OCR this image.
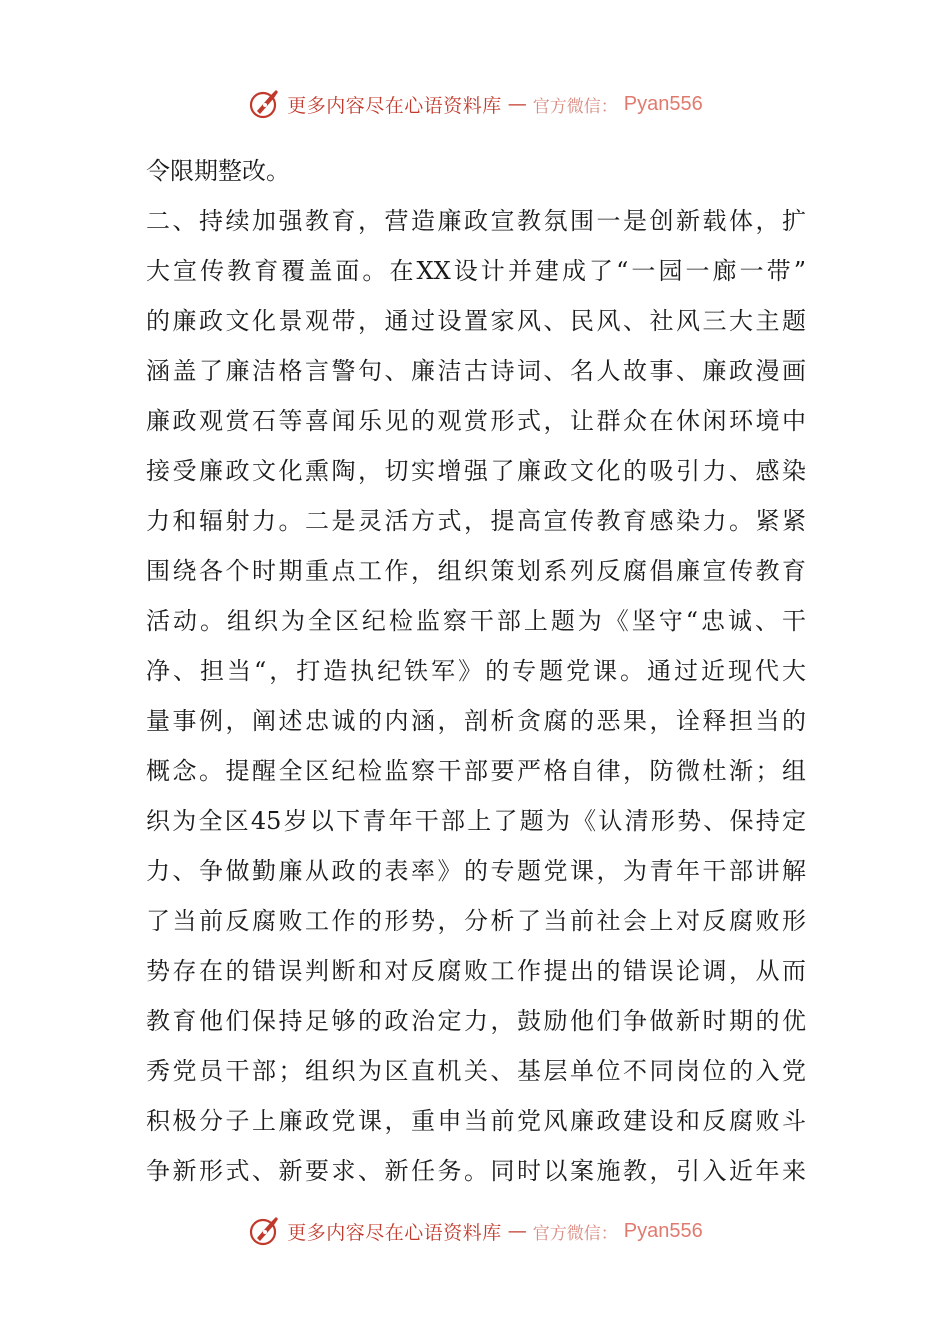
更多内容尽在心语资料库 — 官方微信： Pyan556
令限期整改。
二、持续加强教育，营造廉政宣教氛围一是创新载体，扩
大宣传教育覆盖面。在XX设计并建成了“一园一廊一带”
的廉政文化景观带，通过设置家风、民风、社风三大主题
涵盖了廉洁格言警句、廉洁古诗词、名人故事、廉政漫画
廉政观赏石等喜闻乐见的观赏形式，让群众在休闲环境中
接受廉政文化熏陶，切实增强了廉政文化的吸引力、感染
力和辐射力。二是灵活方式，提高宣传教育感染力。紧紧
围绕各个时期重点工作，组织策划系列反腐倡廉宣传教育
活动。组织为全区纪检监察干部上题为《坚守“忠诚、干
净、担当“，打造执纪铁军》的专题党课。通过近现代大
量事例，阐述忠诚的内涵，剖析贪腐的恶果，诠释担当的
概念。提醒全区纪检监察干部要严格自律，防微杜渐；组
织为全区45岁以下青年干部上了题为《认清形势、保持定
力、争做勤廉从政的表率》的专题党课，为青年干部讲解
了当前反腐败工作的形势，分析了当前社会上对反腐败形
势存在的错误判断和对反腐败工作提出的错误论调，从而
教育他们保持足够的政治定力，鼓励他们争做新时期的优
秀党员干部；组织为区直机关、基层单位不同岗位的入党
积极分子上廉政党课，重申当前党风廉政建设和反腐败斗
争新形式、新要求、新任务。同时以案施教，引入近年来
更多内容尽在心语资料库 — 官方微信： Pyan556
